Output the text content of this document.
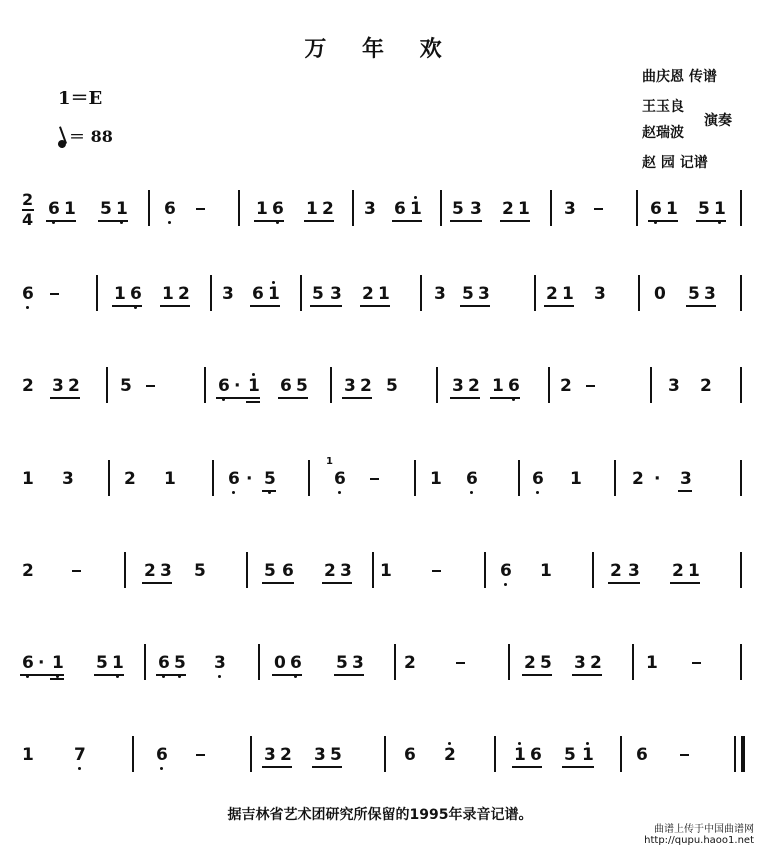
万 年 欢
1＝E
＝ 88
曲庆恩 传谱
王玉良
赵瑞波
演奏
赵 园 记谱
2
4
6 1 5 1 6	1 6 1 2 3 6 1 5 3 2 1 3	6 1 5 1
6	1 6 1 2 3 6 1 5 3 2 1	3 5 3	2 1 3	0 5 3
2 3 2 5	6 · 1 6 5 3 2 5	3 2 1 6 2	3 2
1 3	2 1	6 · 5
1
6	1 6	6 1	2 · 3
2	2 3 5	5 6 2 3 1	6 1	2 3 2 1
6 · 1 5 1 6 5 3	0 6 5 3 2	2 5 3 2	1
1 7	6	3 2 3 5	6 2	1 6 5 1 6
据吉林省艺术团研究所保留的1995年录音记谱。
曲谱上传于中国曲谱网
http://qupu.haoo1.net
